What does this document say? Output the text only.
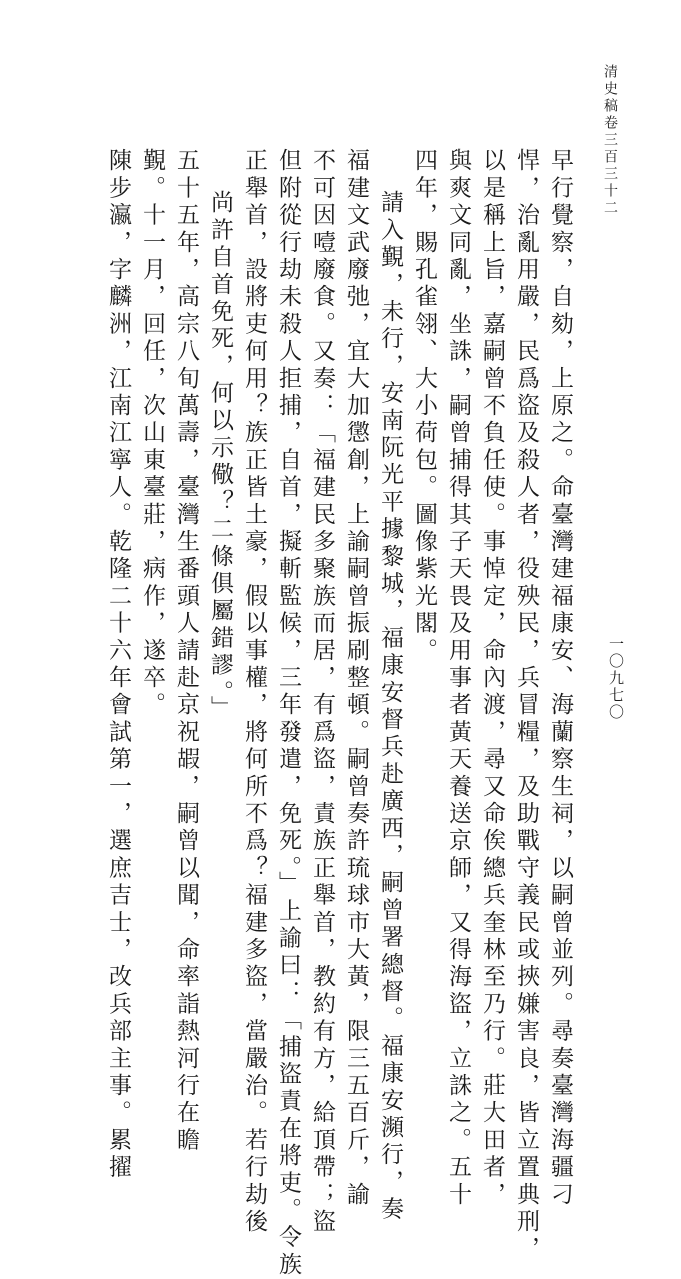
清史稿卷三百三十二
一〇九七〇
早行覺察，自劾，上原之。命臺灣建福康安、海蘭察生祠，以嗣曾並列。尋奏臺灣海疆刁
悍，治亂用嚴，民爲盜及殺人者，役殃民，兵冒糧，及助戰守義民或挾嫌害良，皆立置典刑，
以是稱上旨，嘉嗣曾不負任使。事悼定，命內渡，尋又命俟總兵奎林至乃行。莊大田者，
與爽文同亂，坐誅，嗣曾捕得其子天畏及用事者黃天養送京師，又得海盜，立誅之。五十
四年，賜孔雀翎、大小荷包。圖像紫光閣。
請入覲，未行，安南阮光平據黎城，福康安督兵赴廣西，嗣曾署總督。福康安瀕行，奏
福建文武廢弛，宜大加懲創，上諭嗣曾振刷整頓。嗣曾奏許琉球市大黃，限三五百斤，諭
不可因噎廢食。又奏：「福建民多聚族而居，有爲盜，責族正舉首，教約有方，給頂帶；盜
但附從行劫未殺人拒捕，自首，擬斬監候，三年發遣，免死。」上諭曰：「捕盜責在將吏。令族
正舉首，設將吏何用？族正皆土豪，假以事權，將何所不爲？福建多盜，當嚴治。若行劫後
尚許自首免死，何以示儆？二條俱屬錯謬。」
五十五年，高宗八旬萬壽，臺灣生番頭人請赴京祝嘏，嗣曾以聞，命率詣熱河行在瞻
覲。十一月，回任，次山東臺莊，病作，遂卒。
陳步瀛，字麟洲，江南江寧人。乾隆二十六年會試第一，選庶吉士，改兵部主事。累擢
